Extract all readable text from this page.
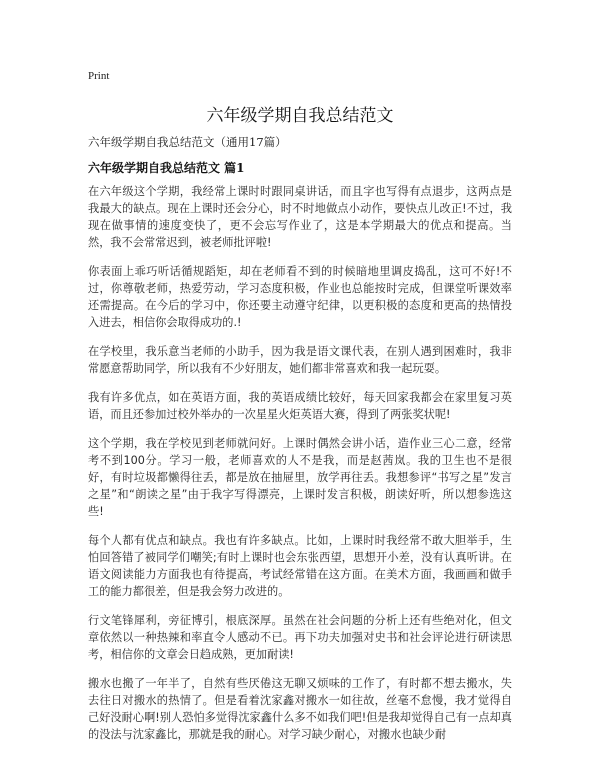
Print
六年级学期自我总结范文
六年级学期自我总结范文（通用17篇）
六年级学期自我总结范文 篇1

在六年级这个学期，我经常上课时时跟同桌讲话，而且字也写得有点退步，这两点是我最大的缺点。现在上课时还会分心，时不时地做点小动作，要快点儿改正!不过，我现在做事情的速度变快了，更不会忘写作业了，这是本学期最大的优点和提高。当然，我不会常常迟到，被老师批评啦!

你表面上乖巧听话循规蹈矩，却在老师看不到的时候暗地里调皮捣乱，这可不好!不过，你尊敬老师，热爱劳动，学习态度积极，作业也总能按时完成，但课堂听课效率还需提高。在今后的学习中，你还要主动遵守纪律，以更积极的态度和更高的热情投入进去，相信你会取得成功的.!

在学校里，我乐意当老师的小助手，因为我是语文课代表，在别人遇到困难时，我非常愿意帮助同学，所以我有不少好朋友，她们都非常喜欢和我一起玩耍。

我有许多优点，如在英语方面，我的英语成绩比较好，每天回家我都会在家里复习英语，而且还参加过校外举办的一次星星火炬英语大赛，得到了两张奖状呢!

这个学期，我在学校见到老师就问好。上课时偶然会讲小话，造作业三心二意，经常考不到100分。学习一般，老师喜欢的人不是我，而是赵茜岚。我的卫生也不是很好，有时垃圾都懒得往丢，都是放在抽屉里，放学再往丢。我想参评“书写之星”发言之星”和“朗读之星”由于我字写得漂亮，上课时发言积极，朗读好听，所以想参选这些!

每个人都有优点和缺点。我也有许多缺点。比如，上课时时我经常不敢大胆举手，生怕回答错了被同学们嘲笑;有时上课时也会东张西望，思想开小差，没有认真听讲。在语文阅读能力方面我也有待提高，考试经常错在这方面。在美术方面，我画画和做手工的能力都很差，但是我会努力改进的。

行文笔锋犀利，旁征博引，根底深厚。虽然在社会问题的分析上还有些绝对化，但文章依然以一种热辣和率直令人感动不已。再下功夫加强对史书和社会评论进行研读思考，相信你的文章会日趋成熟，更加耐读!

搬水也搬了一年半了，自然有些厌倦这无聊又烦味的工作了，有时都不想去搬水，失去往日对搬水的热情了。但是看着沈家鑫对搬水一如往故，丝毫不怠慢，我才觉得自己好没耐心啊!别人恐怕多觉得沈家鑫什么多不如我们吧!但是我却觉得自己有一点却真的没法与沈家鑫比，那就是我的耐心。对学习缺少耐心，对搬水也缺少耐
